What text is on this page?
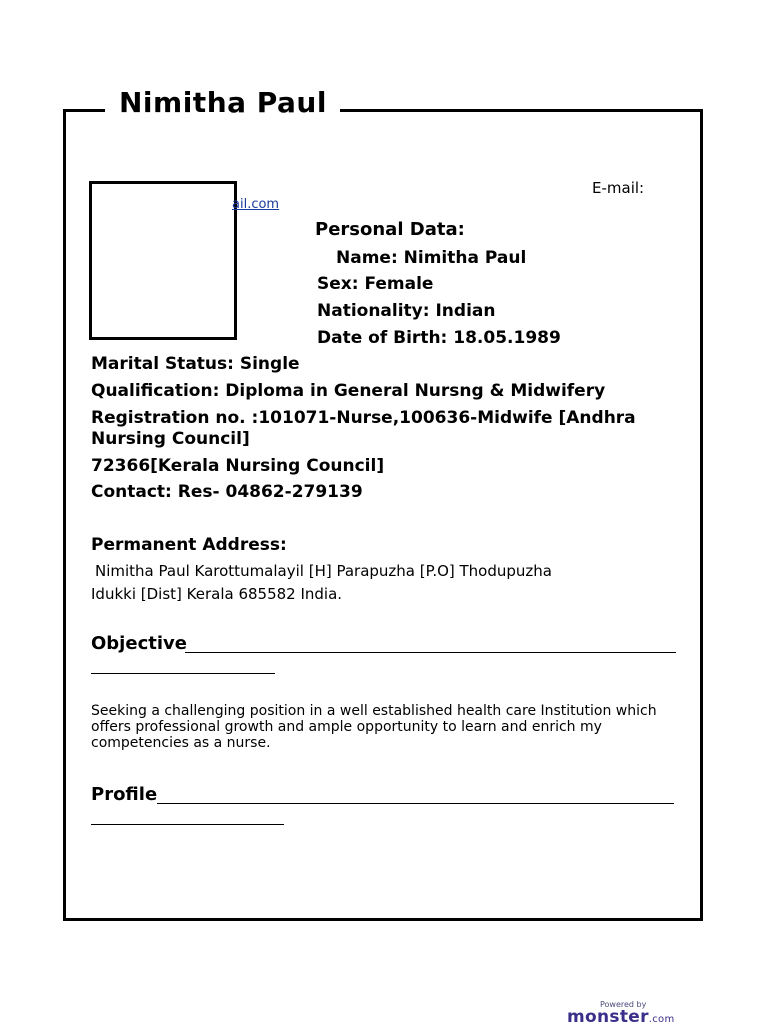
Nimitha Paul
E-mail:
ail.com
Personal Data:
Name: Nimitha Paul
Sex: Female
Nationality: Indian
Date of Birth: 18.05.1989
Marital Status: Single
Qualification: Diploma in General Nursng & Midwifery
Registration no. :101071-Nurse,100636-Midwife [Andhra
Nursing Council]
72366[Kerala Nursing Council]
Contact: Res- 04862-279139
Permanent Address:
Nimitha Paul Karottumalayil [H] Parapuzha [P.O] Thodupuzha
Idukki [Dist] Kerala 685582 India.
Objective
Seeking a challenging position in a well established health care Institution which offers professional growth and ample opportunity to learn and enrich my competencies as a nurse.
Profile
Powered by
monster.com
